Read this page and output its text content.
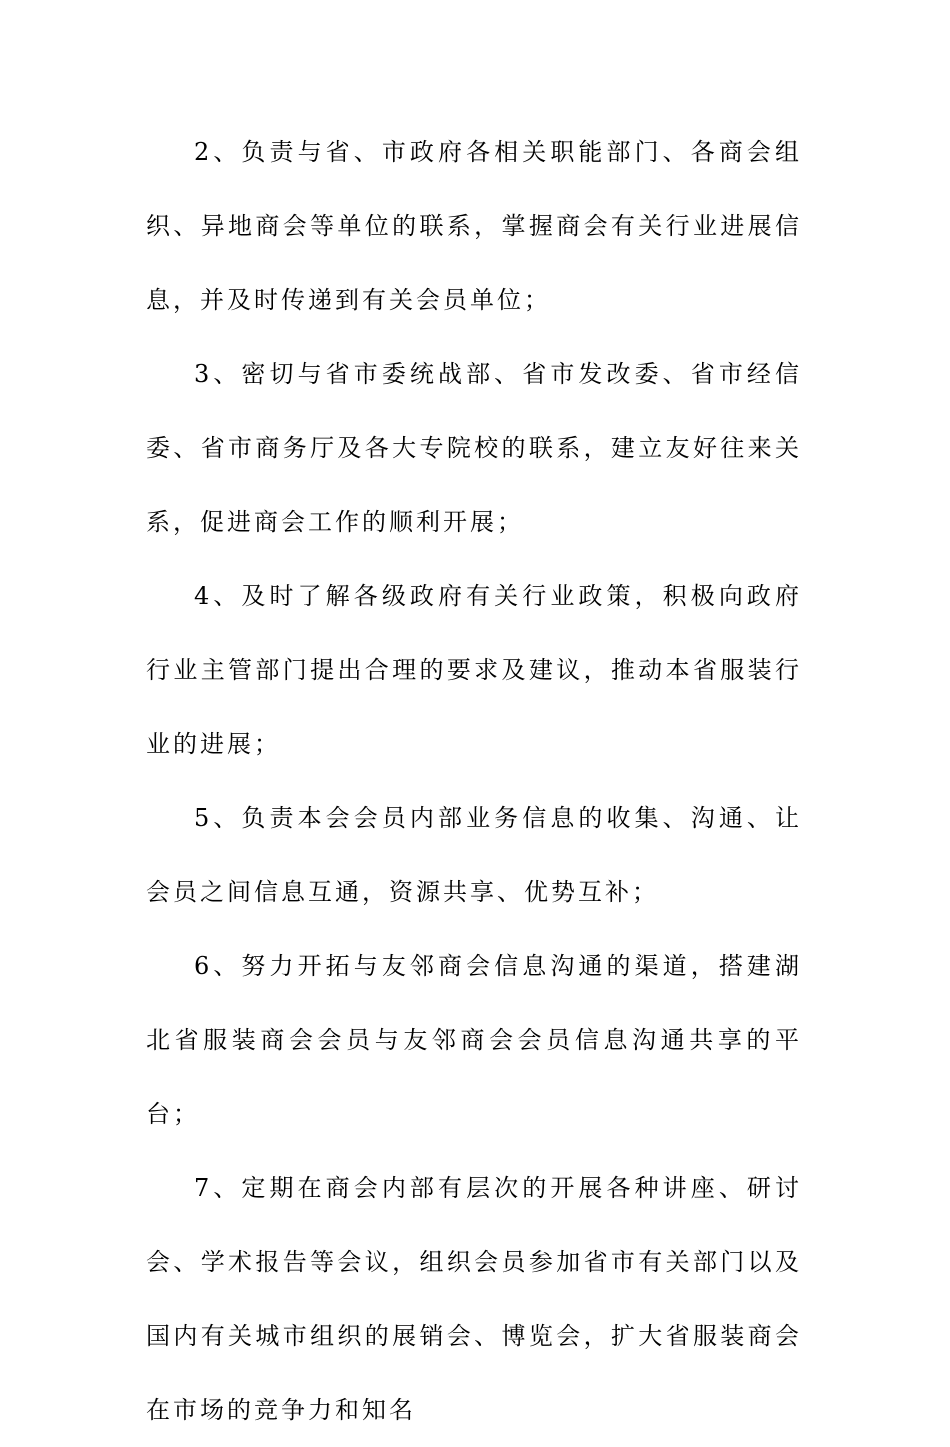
2、负责与省、市政府各相关职能部门、各商会组织、异地商会等单位的联系，掌握商会有关行业进展信息，并及时传递到有关会员单位；

3、密切与省市委统战部、省市发改委、省市经信委、省市商务厅及各大专院校的联系，建立友好往来关系，促进商会工作的顺利开展；

4、及时了解各级政府有关行业政策，积极向政府行业主管部门提出合理的要求及建议，推动本省服装行业的进展；

5、负责本会会员内部业务信息的收集、沟通、让会员之间信息互通，资源共享、优势互补；

6、努力开拓与友邻商会信息沟通的渠道，搭建湖北省服装商会会员与友邻商会会员信息沟通共享的平台；

7、定期在商会内部有层次的开展各种讲座、研讨会、学术报告等会议，组织会员参加省市有关部门以及国内有关城市组织的展销会、博览会，扩大省服装商会在市场的竞争力和知名
